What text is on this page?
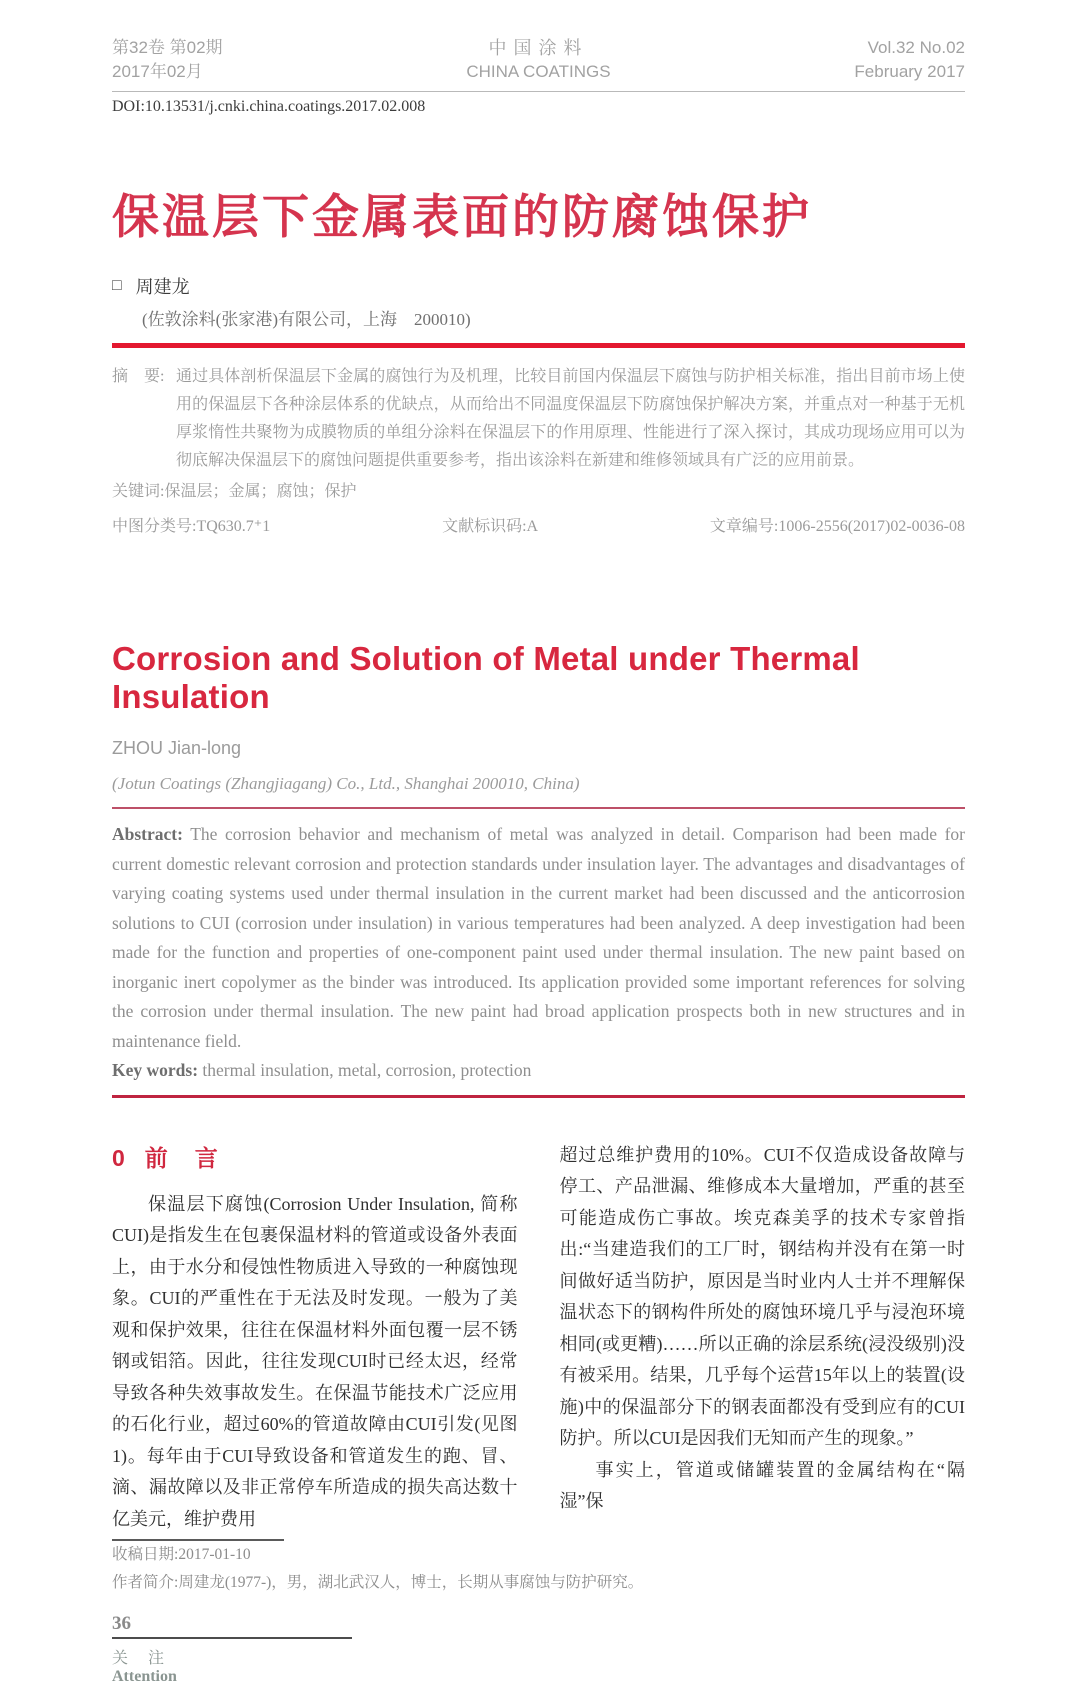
第32卷 第02期
2017年02月
中国涂料
CHINA COATINGS
Vol.32 No.02
February 2017
DOI:10.13531/j.cnki.china.coatings.2017.02.008
保温层下金属表面的防腐蚀保护
□ 周建龙
(佐敦涂料(张家港)有限公司，上海　200010)
摘　要: 通过具体剖析保温层下金属的腐蚀行为及机理，比较目前国内保温层下腐蚀与防护相关标准，指出目前市场上使用的保温层下各种涂层体系的优缺点，从而给出不同温度保温层下防腐蚀保护解决方案，并重点对一种基于无机厚浆惰性共聚物为成膜物质的单组分涂料在保温层下的作用原理、性能进行了深入探讨，其成功现场应用可以为彻底解决保温层下的腐蚀问题提供重要参考，指出该涂料在新建和维修领域具有广泛的应用前景。
关键词:保温层；金属；腐蚀；保护
中图分类号:TQ630.7⁺1	文献标识码:A	文章编号:1006-2556(2017)02-0036-08
Corrosion and Solution of Metal under Thermal Insulation
ZHOU Jian-long
(Jotun Coatings (Zhangjiagang) Co., Ltd., Shanghai 200010, China)
Abstract: The corrosion behavior and mechanism of metal was analyzed in detail. Comparison had been made for current domestic relevant corrosion and protection standards under insulation layer. The advantages and disadvantages of varying coating systems used under thermal insulation in the current market had been discussed and the anticorrosion solutions to CUI (corrosion under insulation) in various temperatures had been analyzed. A deep investigation had been made for the function and properties of one-component paint used under thermal insulation. The new paint based on inorganic inert copolymer as the binder was introduced. Its application provided some important references for solving the corrosion under thermal insulation. The new paint had broad application prospects both in new structures and in maintenance field.
Key words: thermal insulation, metal, corrosion, protection
0 前　言

保温层下腐蚀(Corrosion Under Insulation, 简称CUI)是指发生在包裹保温材料的管道或设备外表面上，由于水分和侵蚀性物质进入导致的一种腐蚀现象。CUI的严重性在于无法及时发现。一般为了美观和保护效果，往往在保温材料外面包覆一层不锈钢或铝箔。因此，往往发现CUI时已经太迟，经常导致各种失效事故发生。在保温节能技术广泛应用的石化行业，超过60%的管道故障由CUI引发(见图1)。每年由于CUI导致设备和管道发生的跑、冒、滴、漏故障以及非正常停车所造成的损失高达数十亿美元，维护费用

收稿日期:2017-01-10
作者简介:周建龙(1977-)，男，湖北武汉人，博士，长期从事腐蚀与防护研究。

超过总维护费用的10%。CUI不仅造成设备故障与停工、产品泄漏、维修成本大量增加，严重的甚至可能造成伤亡事故。埃克森美孚的技术专家曾指出:“当建造我们的工厂时，钢结构并没有在第一时间做好适当防护，原因是当时业内人士并不理解保温状态下的钢构件所处的腐蚀环境几乎与浸泡环境相同(或更糟)……所以正确的涂层系统(浸没级别)没有被采用。结果，几乎每个运营15年以上的装置(设施)中的保温部分下的钢表面都没有受到应有的CUI防护。所以CUI是因我们无知而产生的现象。”

事实上，管道或储罐装置的金属结构在“隔湿”保

36
关　注
Attention
